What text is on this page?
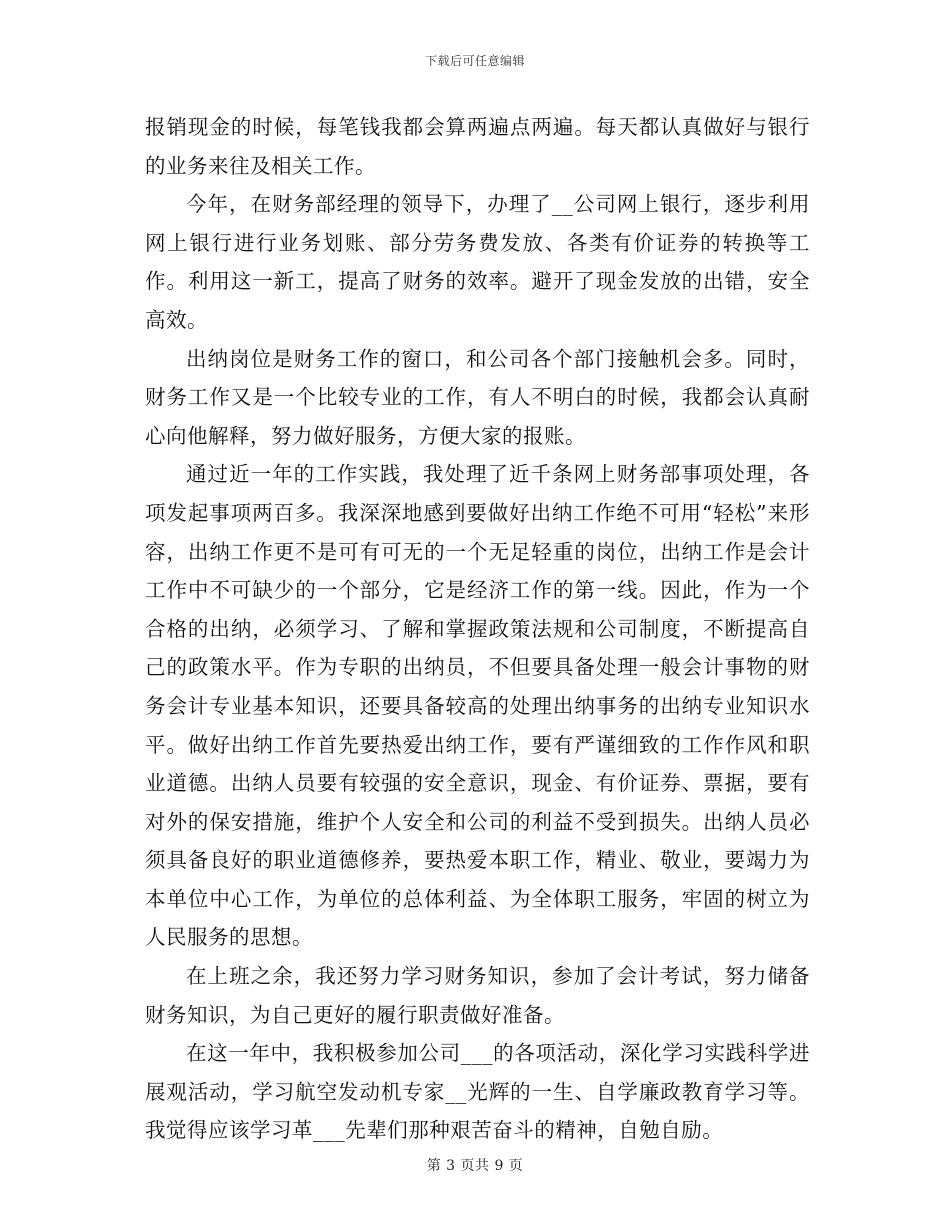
下载后可任意编辑

报销现金的时候，每笔钱我都会算两遍点两遍。每天都认真做好与银行的业务来往及相关工作。

今年，在财务部经理的领导下，办理了__公司网上银行，逐步利用网上银行进行业务划账、部分劳务费发放、各类有价证券的转换等工作。利用这一新工，提高了财务的效率。避开了现金发放的出错，安全高效。

出纳岗位是财务工作的窗口，和公司各个部门接触机会多。同时，财务工作又是一个比较专业的工作，有人不明白的时候，我都会认真耐心向他解释，努力做好服务，方便大家的报账。

通过近一年的工作实践，我处理了近千条网上财务部事项处理，各项发起事项两百多。我深深地感到要做好出纳工作绝不可用“轻松”来形容，出纳工作更不是可有可无的一个无足轻重的岗位，出纳工作是会计工作中不可缺少的一个部分，它是经济工作的第一线。因此，作为一个合格的出纳，必须学习、了解和掌握政策法规和公司制度，不断提高自己的政策水平。作为专职的出纳员，不但要具备处理一般会计事物的财务会计专业基本知识，还要具备较高的处理出纳事务的出纳专业知识水平。做好出纳工作首先要热爱出纳工作，要有严谨细致的工作作风和职业道德。出纳人员要有较强的安全意识，现金、有价证券、票据，要有对外的保安措施，维护个人安全和公司的利益不受到损失。出纳人员必须具备良好的职业道德修养，要热爱本职工作，精业、敬业，要竭力为本单位中心工作，为单位的总体利益、为全体职工服务，牢固的树立为人民服务的思想。

在上班之余，我还努力学习财务知识，参加了会计考试，努力储备财务知识，为自己更好的履行职责做好准备。

在这一年中，我积极参加公司___的各项活动，深化学习实践科学进展观活动，学习航空发动机专家__光辉的一生、自学廉政教育学习等。我觉得应该学习革___先辈们那种艰苦奋斗的精神，自勉自励。

第 3 页共 9 页
